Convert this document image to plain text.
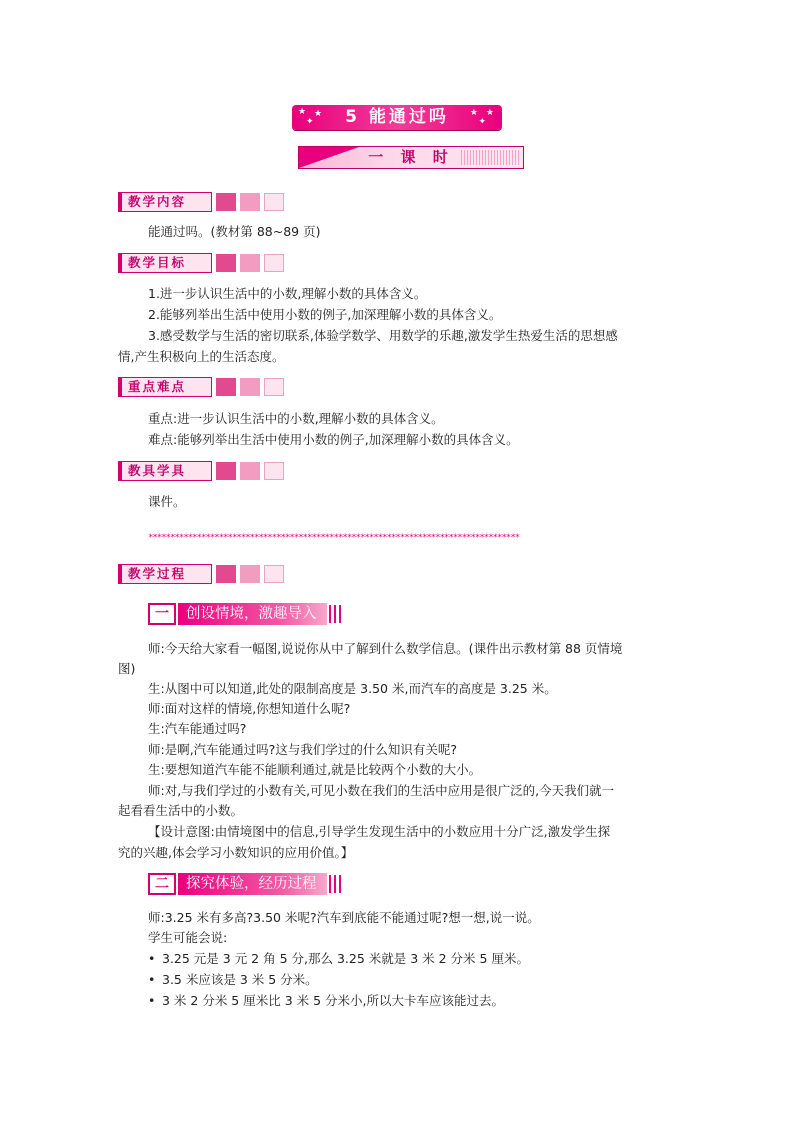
★
✦
★	★
✦
★
5 能通过吗
一 课 时
教学内容
能通过吗。(教材第 88~89 页)
教学目标
1.进一步认识生活中的小数,理解小数的具体含义。
2.能够列举出生活中使用小数的例子,加深理解小数的具体含义。
3.感受数学与生活的密切联系,体验学数学、用数学的乐趣,激发学生热爱生活的思想感
情,产生积极向上的生活态度。
重点难点
重点:进一步认识生活中的小数,理解小数的具体含义。
难点:能够列举出生活中使用小数的例子,加深理解小数的具体含义。
教具学具
课件。
************************************************************************************
教学过程
一	创设情境，激趣导入
师:今天给大家看一幅图,说说你从中了解到什么数学信息。(课件出示教材第 88 页情境
图)
生:从图中可以知道,此处的限制高度是 3.50 米,而汽车的高度是 3.25 米。
师:面对这样的情境,你想知道什么呢?
生:汽车能通过吗?
师:是啊,汽车能通过吗?这与我们学过的什么知识有关呢?
生:要想知道汽车能不能顺利通过,就是比较两个小数的大小。
师:对,与我们学过的小数有关,可见小数在我们的生活中应用是很广泛的,今天我们就一
起看看生活中的小数。
【设计意图:由情境图中的信息,引导学生发现生活中的小数应用十分广泛,激发学生探
究的兴趣,体会学习小数知识的应用价值。】
二	探究体验，经历过程
师:3.25 米有多高?3.50 米呢?汽车到底能不能通过呢?想一想,说一说。
学生可能会说:
• 3.25 元是 3 元 2 角 5 分,那么 3.25 米就是 3 米 2 分米 5 厘米。
• 3.5 米应该是 3 米 5 分米。
• 3 米 2 分米 5 厘米比 3 米 5 分米小,所以大卡车应该能过去。
